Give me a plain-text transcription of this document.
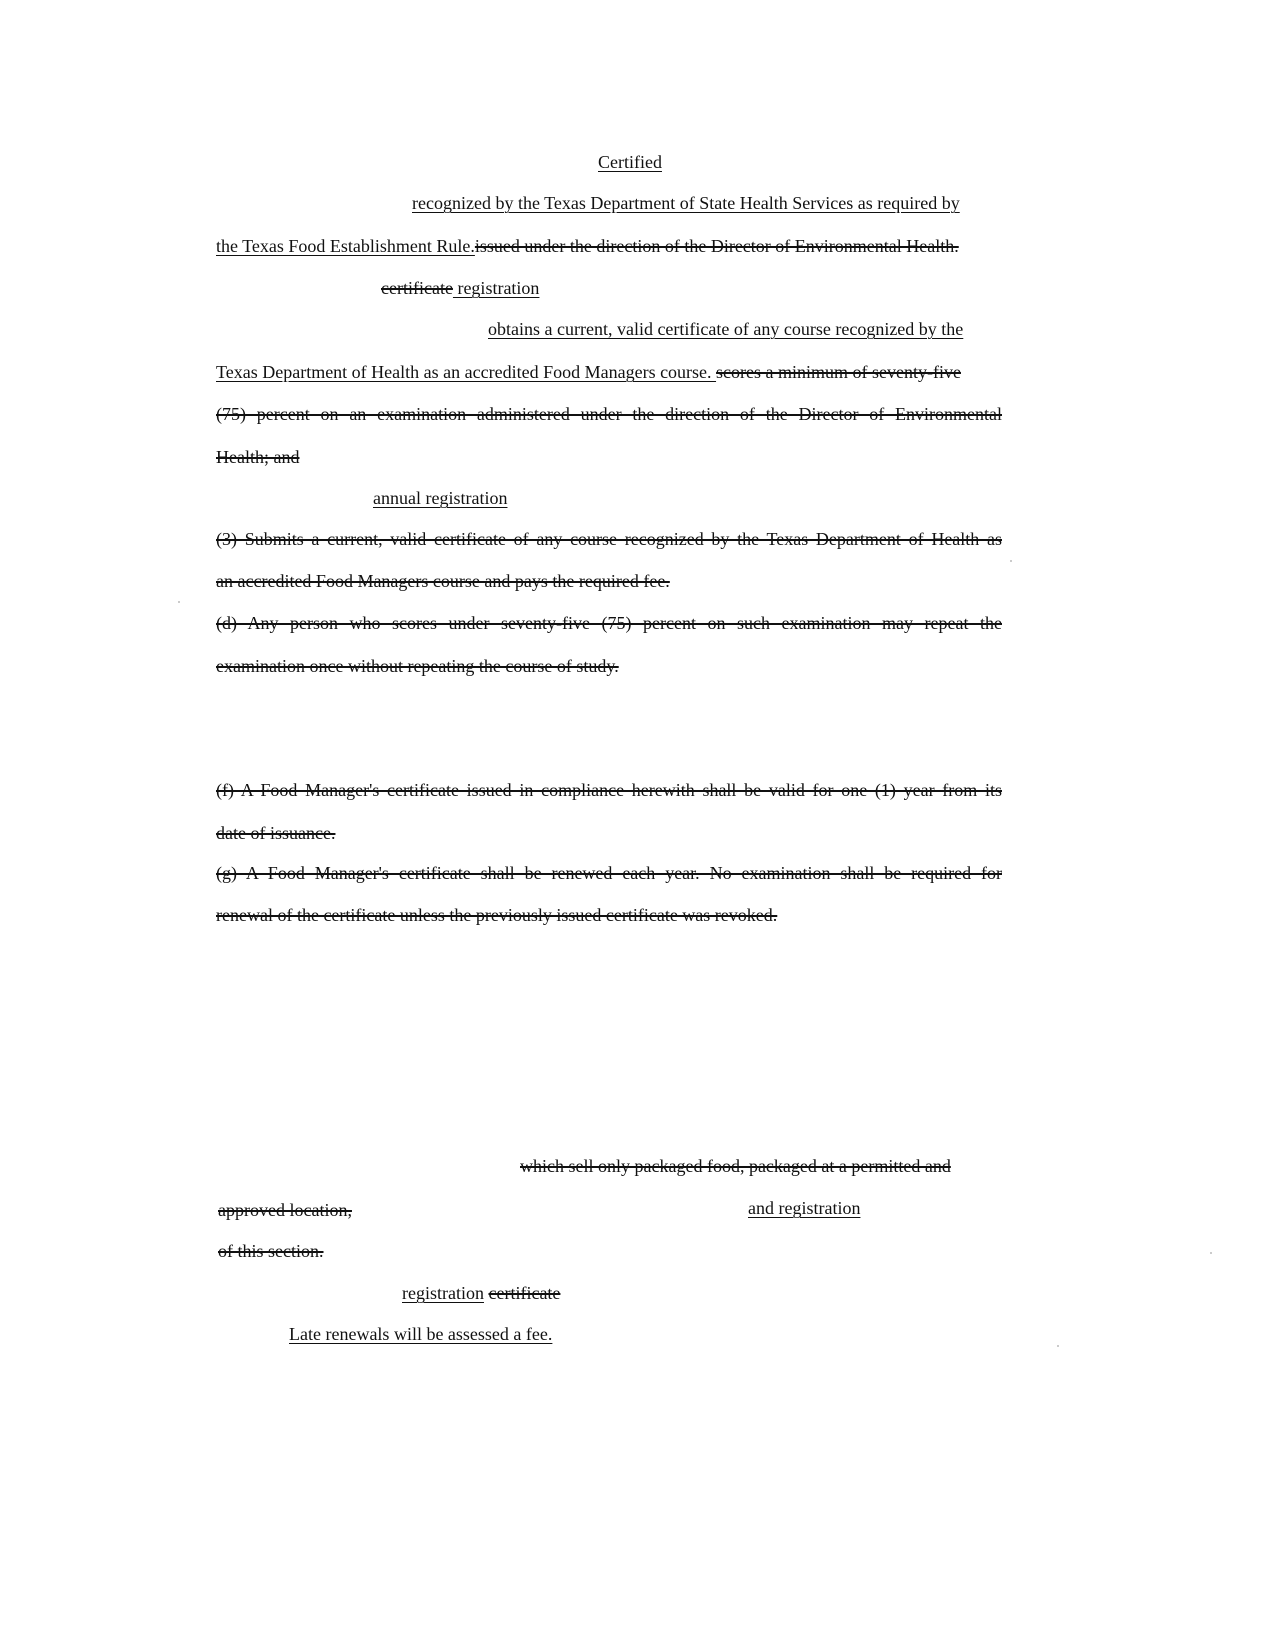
Certified
recognized by the Texas Department of State Health Services as required by
the Texas Food Establishment Rule.issued under the direction of the Director of Environmental Health.
certificate registration
obtains a current, valid certificate of any course recognized by the
Texas Department of Health as an accredited Food Managers course. scores a minimum of seventy-five
(75) percent on an examination administered under the direction of the Director of Environmental
Health; and
annual registration
(3) Submits a current, valid certificate of any course recognized by the Texas Department of Health as
an accredited Food Managers course and pays the required fee.
(d) Any person who scores under seventy-five (75) percent on such examination may repeat the
examination once without repeating the course of study.
(f) A Food Manager's certificate issued in compliance herewith shall be valid for one (1) year from its
date of issuance.
(g) A Food Manager's certificate shall be renewed each year. No examination shall be required for
renewal of the certificate unless the previously issued certificate was revoked.
which sell only packaged food, packaged at a permitted and
approved location,	and registration
of this section.
registration certificate
Late renewals will be assessed a fee.
